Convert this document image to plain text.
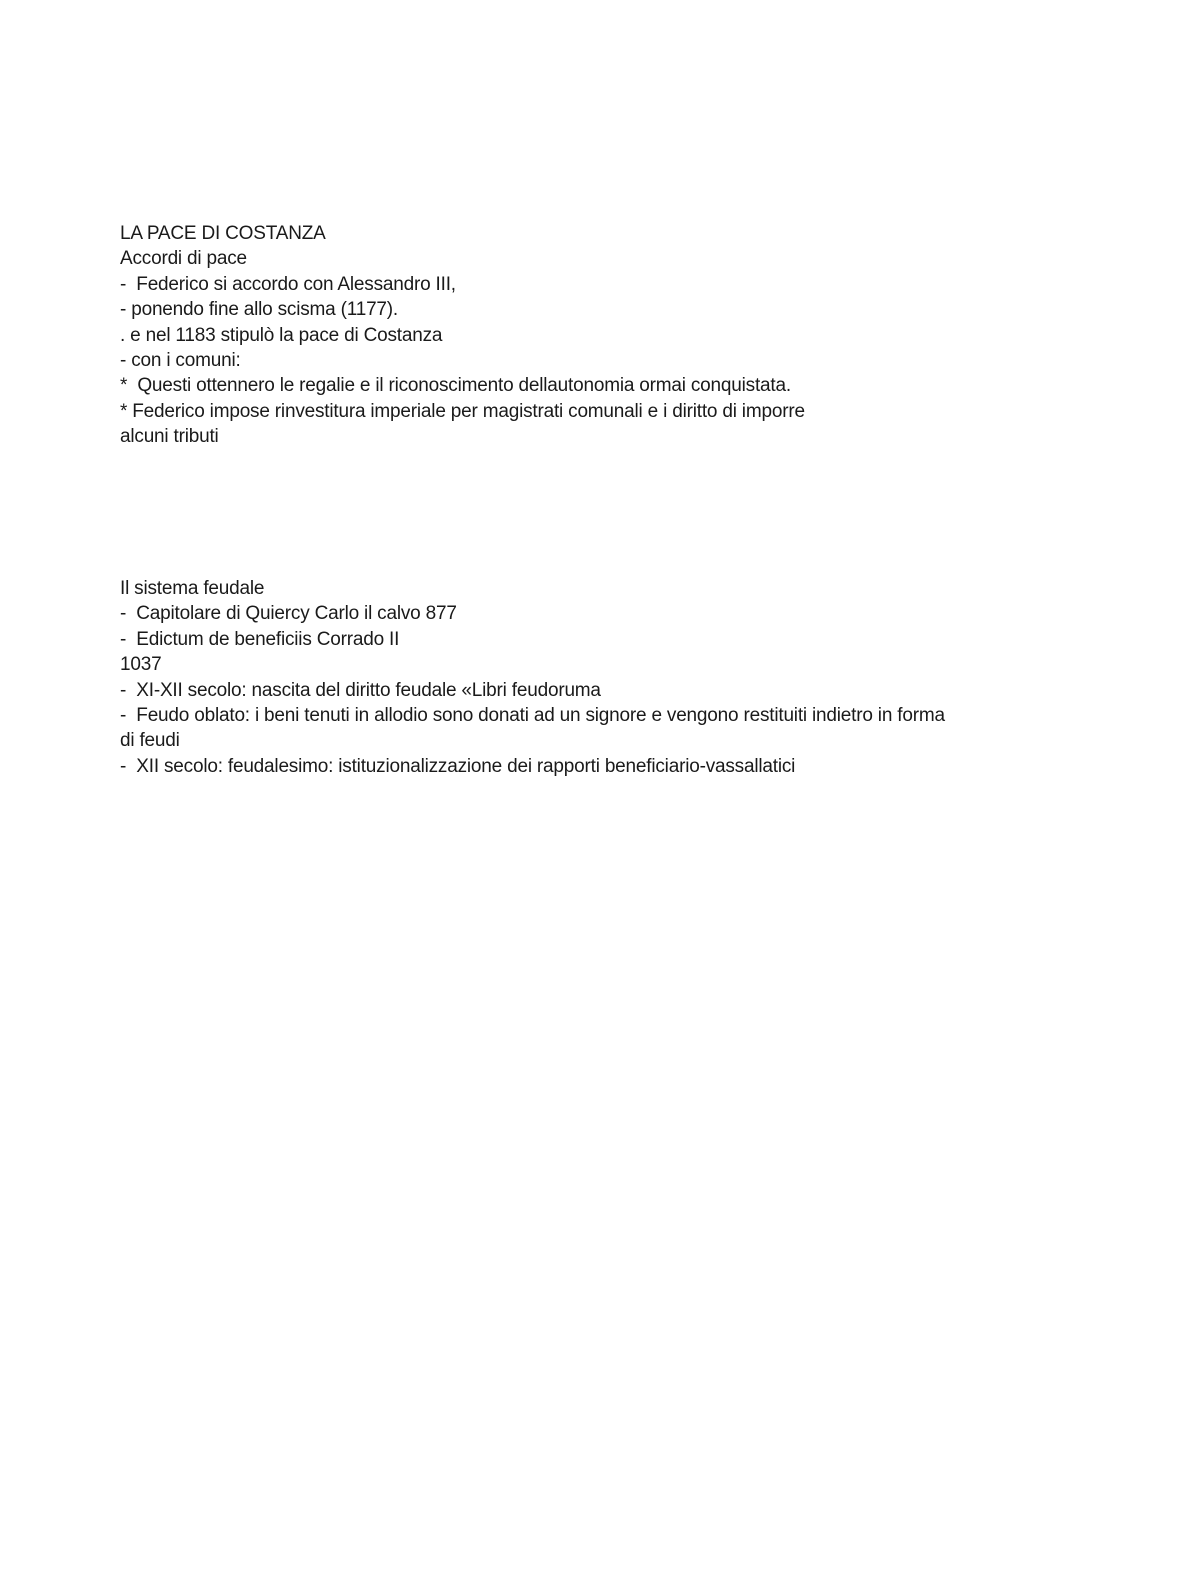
LA PACE DI COSTANZA
Accordi di pace
-  Federico si accordo con Alessandro III,
- ponendo fine allo scisma (1177).
. e nel 1183 stipulò la pace di Costanza
- con i comuni:
*  Questi ottennero le regalie e il riconoscimento dellautonomia ormai conquistata.
* Federico impose rinvestitura imperiale per magistrati comunali e i diritto di imporre
alcuni tributi
Il sistema feudale
-  Capitolare di Quiercy Carlo il calvo 877
-  Edictum de beneficiis Corrado II
1037
-  XI-XII secolo: nascita del diritto feudale «Libri feudoruma
-  Feudo oblato: i beni tenuti in allodio sono donati ad un signore e vengono restituiti indietro in forma
di feudi
-  XII secolo: feudalesimo: istituzionalizzazione dei rapporti beneficiario-vassallatici
